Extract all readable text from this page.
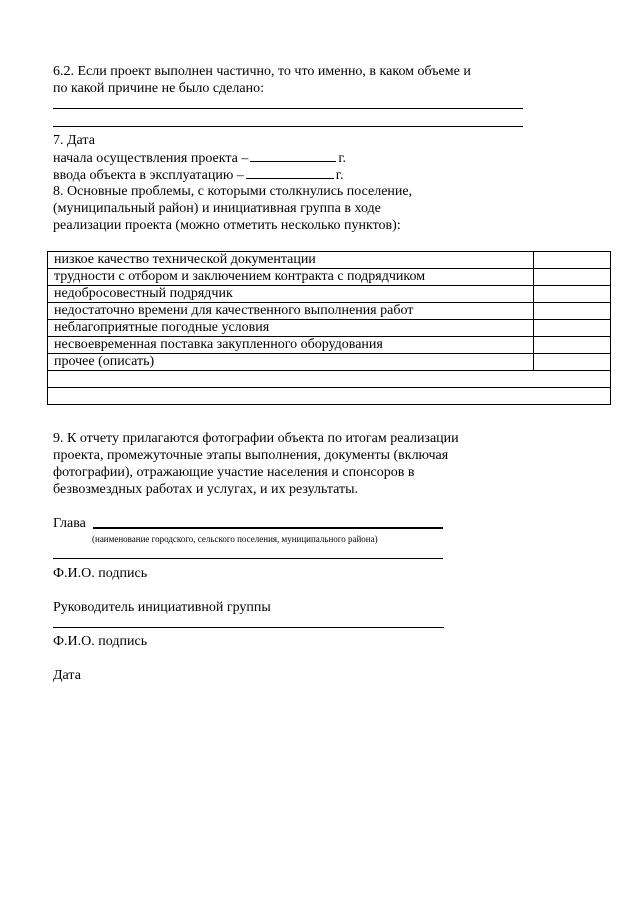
6.2. Если проект выполнен частично, то что именно, в каком объеме и
по какой причине не было сделано:
7. Дата
начала осуществления проекта –	г.
ввода объекта в эксплуатацию –	г.
8. Основные проблемы, с которыми столкнулись поселение,
(муниципальный район) и инициативная группа в ходе
реализации проекта (можно отметить несколько пунктов):
низкое качество технической документации	
трудности с отбором и заключением контракта с подрядчиком	
недобросовестный подрядчик	
недостаточно времени для качественного выполнения работ	
неблагоприятные погодные условия	
несвоевременная поставка закупленного оборудования	
прочее (описать)	

9. К отчету прилагаются фотографии объекта по итогам реализации
проекта, промежуточные этапы выполнения, документы (включая
фотографии), отражающие участие населения и спонсоров в
безвозмездных работах и услугах, и их результаты.
Глава
(наименование городского, сельского поселения, муниципального района)
Ф.И.О. подпись
Руководитель инициативной группы
Ф.И.О. подпись
Дата
